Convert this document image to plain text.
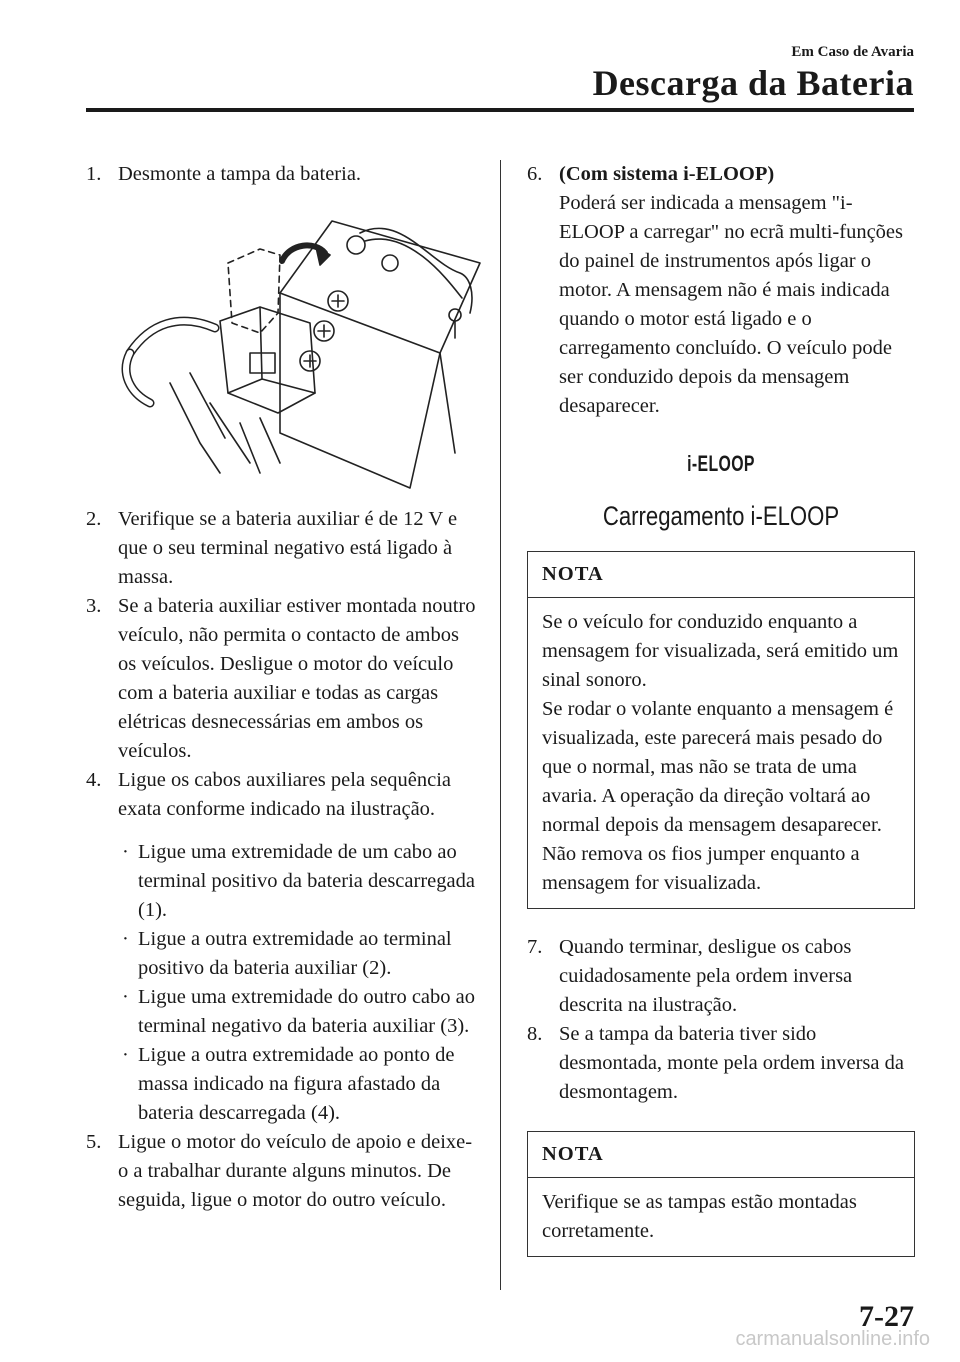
Em Caso de Avaria
Descarga da Bateria

1. Desmonte a tampa da bateria.

2. Verifique se a bateria auxiliar é de 12 V e que o seu terminal negativo está ligado à massa.

3. Se a bateria auxiliar estiver montada noutro veículo, não permita o contacto de ambos os veículos. Desligue o motor do veículo com a bateria auxiliar e todas as cargas elétricas desnecessárias em ambos os veículos.

4. Ligue os cabos auxiliares pela sequência exata conforme indicado na ilustração.
· Ligue uma extremidade de um cabo ao terminal positivo da bateria descarregada (1).
· Ligue a outra extremidade ao terminal positivo da bateria auxiliar (2).
· Ligue uma extremidade do outro cabo ao terminal negativo da bateria auxiliar (3).
· Ligue a outra extremidade ao ponto de massa indicado na figura afastado da bateria descarregada (4).

5. Ligue o motor do veículo de apoio e deixe-o a trabalhar durante alguns minutos. De seguida, ligue o motor do outro veículo.

6. (Com sistema i-ELOOP)
Poderá ser indicada a mensagem "i-ELOOP a carregar" no ecrã multi-funções do painel de instrumentos após ligar o motor. A mensagem não é mais indicada quando o motor está ligado e o carregamento concluído. O veículo pode ser conduzido depois da mensagem desaparecer.
i-ELOOP
Carregamento i-ELOOP
NOTA
Se o veículo for conduzido enquanto a mensagem for visualizada, será emitido um sinal sonoro.
Se rodar o volante enquanto a mensagem é visualizada, este parecerá mais pesado do que o normal, mas não se trata de uma avaria. A operação da direção voltará ao normal depois da mensagem desaparecer. Não remova os fios jumper enquanto a mensagem for visualizada.

7. Quando terminar, desligue os cabos cuidadosamente pela ordem inversa descrita na ilustração.

8. Se a tampa da bateria tiver sido desmontada, monte pela ordem inversa da desmontagem.

NOTA
Verifique se as tampas estão montadas corretamente.
7-27
carmanualsonline.info
